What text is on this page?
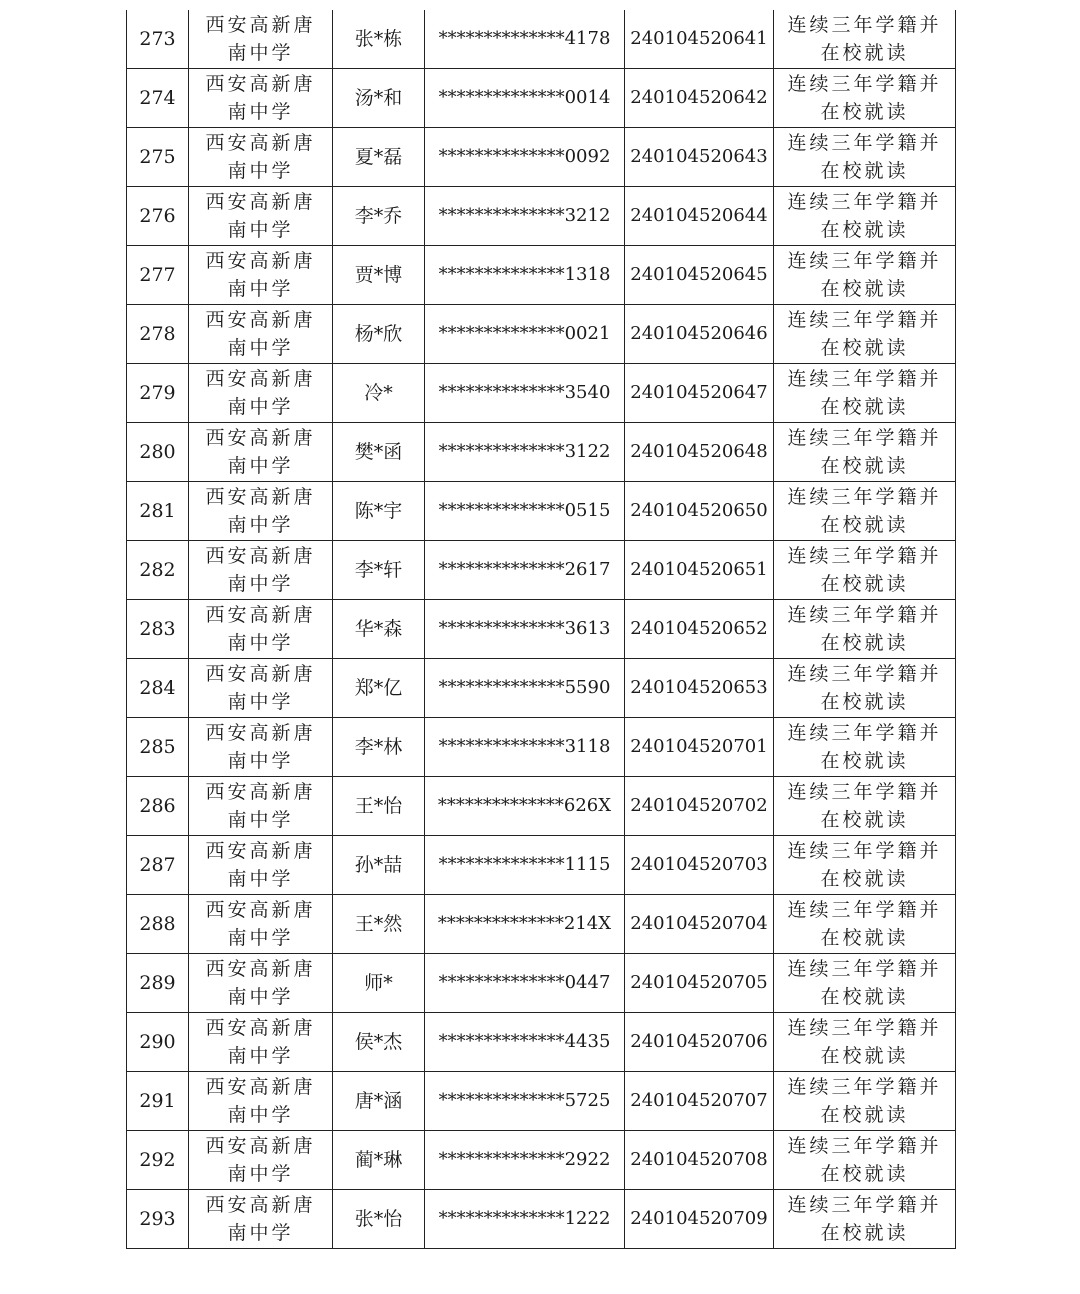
273	西安高新唐南中学	张*栋	**************4178	240104520641	连续三年学籍并在校就读
274	西安高新唐南中学	汤*和	**************0014	240104520642	连续三年学籍并在校就读
275	西安高新唐南中学	夏*磊	**************0092	240104520643	连续三年学籍并在校就读
276	西安高新唐南中学	李*乔	**************3212	240104520644	连续三年学籍并在校就读
277	西安高新唐南中学	贾*博	**************1318	240104520645	连续三年学籍并在校就读
278	西安高新唐南中学	杨*欣	**************0021	240104520646	连续三年学籍并在校就读
279	西安高新唐南中学	冷*	**************3540	240104520647	连续三年学籍并在校就读
280	西安高新唐南中学	樊*函	**************3122	240104520648	连续三年学籍并在校就读
281	西安高新唐南中学	陈*宇	**************0515	240104520650	连续三年学籍并在校就读
282	西安高新唐南中学	李*轩	**************2617	240104520651	连续三年学籍并在校就读
283	西安高新唐南中学	华*森	**************3613	240104520652	连续三年学籍并在校就读
284	西安高新唐南中学	郑*亿	**************5590	240104520653	连续三年学籍并在校就读
285	西安高新唐南中学	李*林	**************3118	240104520701	连续三年学籍并在校就读
286	西安高新唐南中学	王*怡	**************626X	240104520702	连续三年学籍并在校就读
287	西安高新唐南中学	孙*喆	**************1115	240104520703	连续三年学籍并在校就读
288	西安高新唐南中学	王*然	**************214X	240104520704	连续三年学籍并在校就读
289	西安高新唐南中学	师*	**************0447	240104520705	连续三年学籍并在校就读
290	西安高新唐南中学	侯*杰	**************4435	240104520706	连续三年学籍并在校就读
291	西安高新唐南中学	唐*涵	**************5725	240104520707	连续三年学籍并在校就读
292	西安高新唐南中学	蔺*琳	**************2922	240104520708	连续三年学籍并在校就读
293	西安高新唐南中学	张*怡	**************1222	240104520709	连续三年学籍并在校就读
